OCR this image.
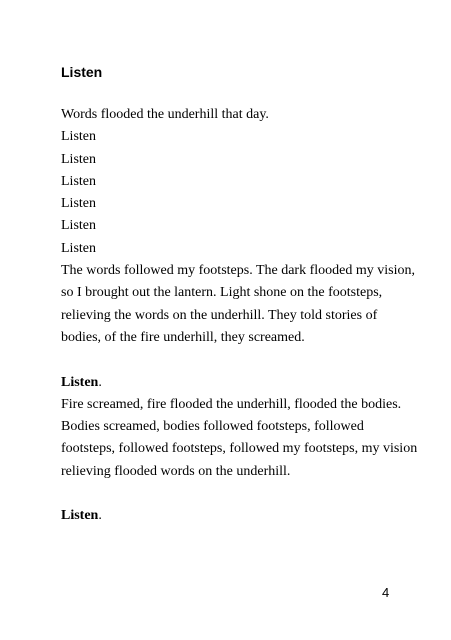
Listen
Words flooded the underhill that day.
Listen
Listen
Listen
Listen
Listen
Listen
The words followed my footsteps. The dark flooded my vision,
so I brought out the lantern. Light shone on the footsteps,
relieving the words on the underhill. They told stories of
bodies, of the fire underhill, they screamed.
Listen.
Fire screamed, fire flooded the underhill, flooded the bodies.
Bodies screamed, bodies followed footsteps, followed
footsteps, followed footsteps, followed my footsteps, my vision
relieving flooded words on the underhill.
Listen.
4
